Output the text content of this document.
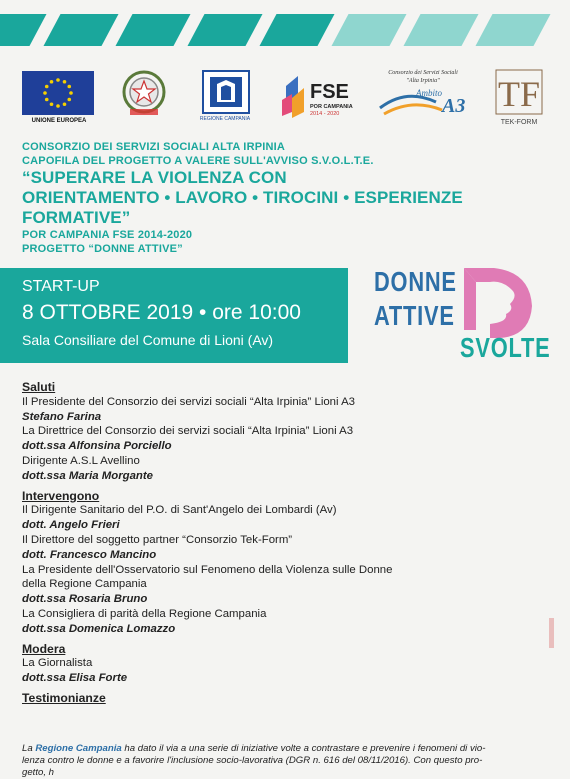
UNIONE EUROPEA	REGIONE CAMPANIA
FSE
POR CAMPANIA
2014 - 2020
Consorzio dei Servizi Sociali
"Alta Irpinia"
Ambito
A3 TF
TEK-FORM
CONSORZIO DEI SERVIZI SOCIALI ALTA IRPINIA
CAPOFILA DEL PROGETTO A VALERE SULL'AVVISO S.V.O.L.T.E.
“SUPERARE LA VIOLENZA CON
ORIENTAMENTO • LAVORO • TIROCINI • ESPERIENZE FORMATIVE”
POR CAMPANIA FSE 2014-2020
PROGETTO “DONNE ATTIVE”
START-UP
8 OTTOBRE 2019 • ore 10:00
Sala Consiliare del Comune di Lioni (Av)
DONNE
ATTIVE
SVOLTE
Saluti
Il Presidente del Consorzio dei servizi sociali “Alta Irpinia” Lioni A3
Stefano Farina
La Direttrice del Consorzio dei servizi sociali “Alta Irpinia” Lioni A3
dott.ssa Alfonsina Porciello
Dirigente A.S.L Avellino
dott.ssa Maria Morgante
Intervengono
Il Dirigente Sanitario del P.O. di Sant'Angelo dei Lombardi (Av)
dott. Angelo Frieri
Il Direttore del soggetto partner “Consorzio Tek-Form”
dott. Francesco Mancino
La Presidente dell'Osservatorio sul Fenomeno della Violenza sulle Donne
della Regione Campania
dott.ssa Rosaria Bruno
La Consigliera di parità della Regione Campania
dott.ssa Domenica Lomazzo
Modera
La Giornalista
dott.ssa Elisa Forte
Testimonianze
La Regione Campania ha dato il via a una serie di iniziative volte a contrastare e prevenire i fenomeni di vio-
lenza contro le donne e a favorire l'inclusione socio-lavorativa (DGR n. 616 del 08/11/2016). Con questo pro-
getto, h
